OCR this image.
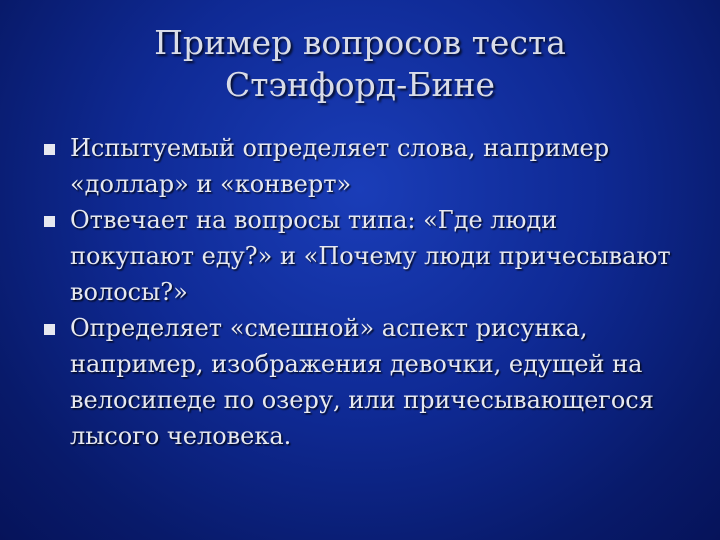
Пример вопросов теста
Стэнфорд-Бине
Испытуемый определяет слова, например «доллар» и «конверт»
Отвечает на вопросы типа: «Где люди покупают еду?» и «Почему люди причесывают волосы?»
Определяет «смешной» аспект рисунка, например, изображения девочки, едущей на велосипеде по озеру, или причесывающегося лысого человека.
